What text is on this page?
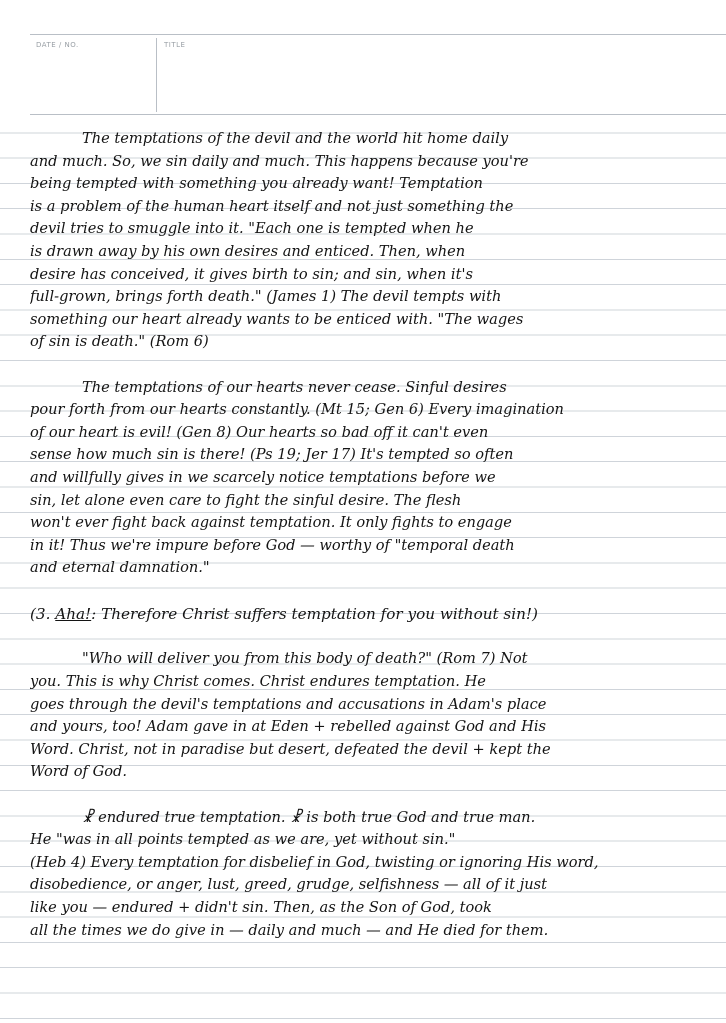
DATE / NO.	TITLE
The temptations of the devil and the world hit home daily
and much. So, we sin daily and much. This happens because you're
being tempted with something you already want! Temptation
is a problem of the human heart itself and not just something the
devil tries to smuggle into it. "Each one is tempted when he
is drawn away by his own desires and enticed. Then, when
desire has conceived, it gives birth to sin; and sin, when it's
full-grown, brings forth death." (James 1) The devil tempts with
something our heart already wants to be enticed with. "The wages
of sin is death." (Rom 6)
The temptations of our hearts never cease. Sinful desires
pour forth from our hearts constantly. (Mt 15; Gen 6) Every imagination
of our heart is evil! (Gen 8) Our hearts so bad off it can't even
sense how much sin is there! (Ps 19; Jer 17) It's tempted so often
and willfully gives in we scarcely notice temptations before we
sin, let alone even care to fight the sinful desire. The flesh
won't ever fight back against temptation. It only fights to engage
in it! Thus we're impure before God — worthy of "temporal death
and eternal damnation."
(3. Aha!: Therefore Christ suffers temptation for you without sin!)
"Who will deliver you from this body of death?" (Rom 7) Not
you. This is why Christ comes. Christ endures temptation. He
goes through the devil's temptations and accusations in Adam's place
and yours, too! Adam gave in at Eden + rebelled against God and His
Word. Christ, not in paradise but desert, defeated the devil + kept the
Word of God.
☧ endured true temptation. ☧ is both true God and true man.
He "was in all points tempted as we are, yet without sin."
(Heb 4) Every temptation for disbelief in God, twisting or ignoring His word,
disobedience, or anger, lust, greed, grudge, selfishness — all of it just
like you — endured + didn't sin. Then, as the Son of God, took
all the times we do give in — daily and much — and He died for them.
